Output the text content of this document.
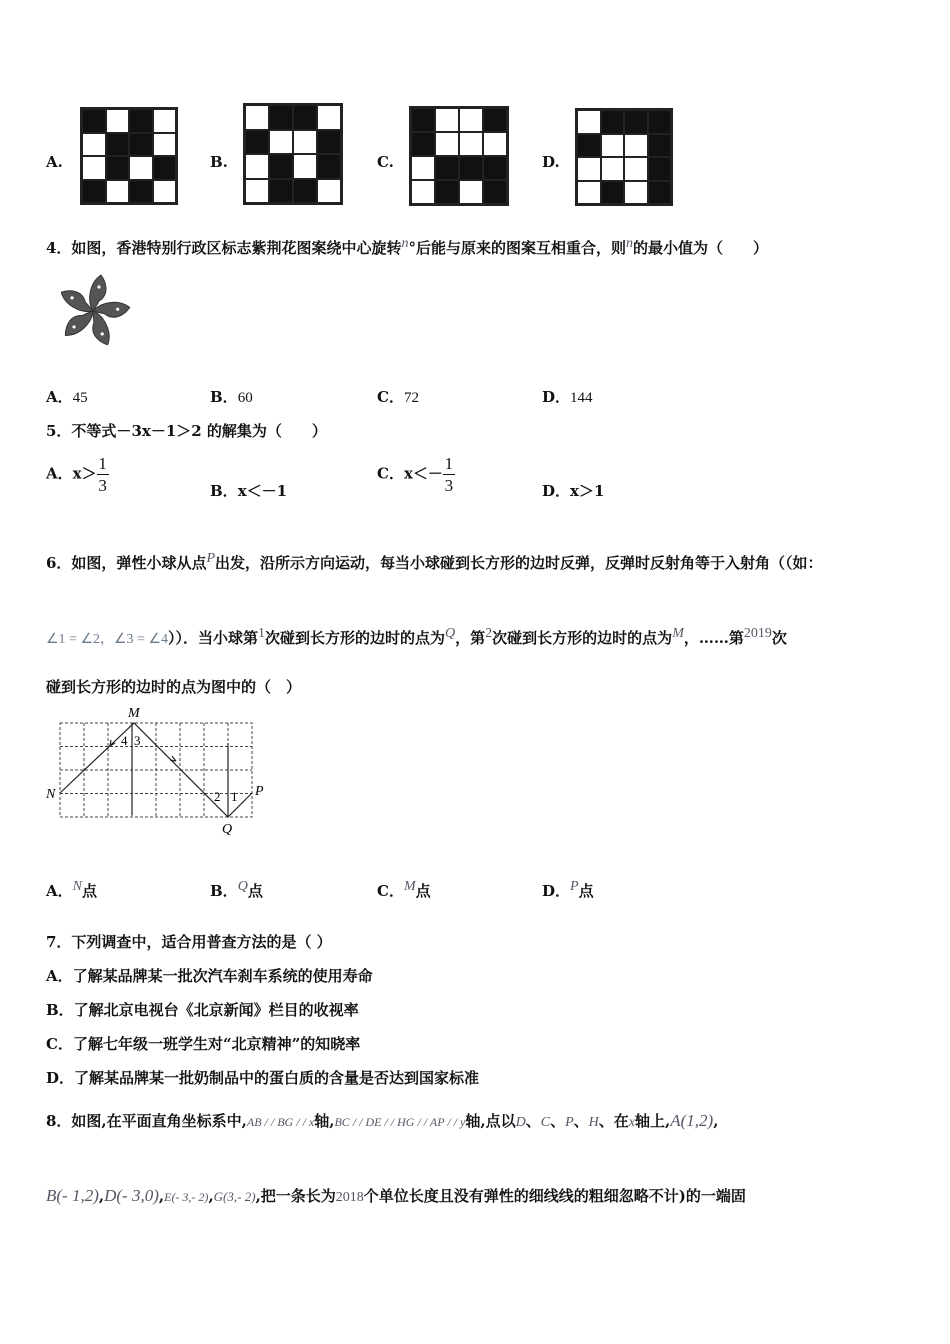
A.	B.	C.	D.
4．如图，香港特别行政区标志紫荆花图案绕中心旋转$^n$°后能与原来的图案互相重合，则$^n$的最小值为（　　）
A．45	B．60	C．72	D．144
5．不等式－3x－1＞2 的解集为（　　）
A．$x> \frac{1}{3}$	B．x＜－1
C．$x<- \frac{1}{3}$	D．x＞1
6．如图，弹性小球从点$^P$出发，沿所示方向运动，每当小球碰到长方形的边时反弹，反弹时反射角等于入射角（（如：
∠1 = ∠2，∠3 = ∠4））．当小球第$^1$次碰到长方形的边时的点为$^Q$，第$^2$次碰到长方形的边时的点为$^M$，……第$^{2019}$次
碰到长方形的边时的点为图中的（　）
M
N	P
Q
1
2
3
4
A．$^N$点	B．$^Q$点	C．$^M$点	D．$^P$点
7．下列调查中，适合用普查方法的是（ ）
A．了解某品牌某一批次汽车刹车系统的使用寿命
B．了解北京电视台《北京新闻》栏目的收视率
C．了解七年级一班学生对“北京精神”的知晓率
D．了解某品牌某一批奶制品中的蛋白质的含量是否达到国家标准
8．如图,在平面直角坐标系中,AB / / BG / / x轴,BC / / DE / / HG / / AP / / y轴,点以D、C、P、H、在x轴上,A(1,2),
B(- 1,2),D(- 3,0),E(- 3,- 2),G(3,- 2),把一条长为2018个单位长度且没有弹性的细线线的粗细忽略不计)的一端固
